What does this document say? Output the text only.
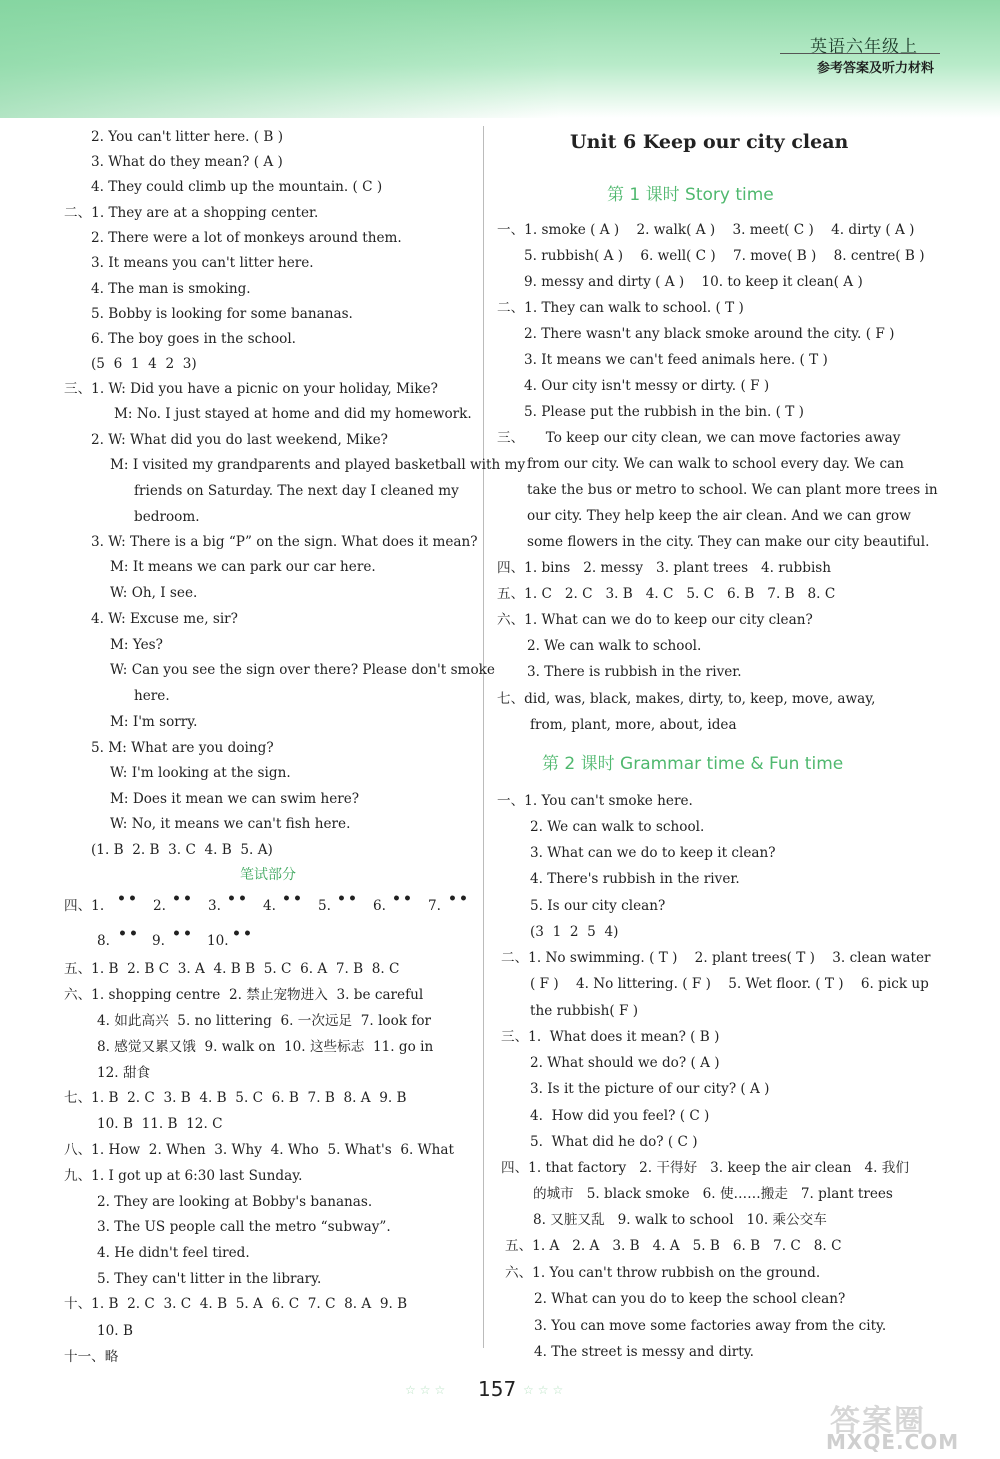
英语六年级上
参考答案及听力材料
2. You can't litter here. ( B )
3. What do they mean? ( A )
4. They could climb up the mountain. ( C )
二、1. They are at a shopping center.
2. There were a lot of monkeys around them.
3. It means you can't litter here.
4. The man is smoking.
5. Bobby is looking for some bananas.
6. The boy goes in the school.
(5  6  1  4  2  3)
三、1. W: Did you have a picnic on your holiday, Mike?
M: No. I just stayed at home and did my homework.
2. W: What did you do last weekend, Mike?
M: I visited my grandparents and played basketball with my
friends on Saturday. The next day I cleaned my
bedroom.
3. W: There is a big “P” on the sign. What does it mean?
M: It means we can park our car here.
W: Oh, I see.
4. W: Excuse me, sir?
M: Yes?
W: Can you see the sign over there? Please don't smoke
here.
M: I'm sorry.
5. M: What are you doing?
W: I'm looking at the sign.
M: Does it mean we can swim here?
W: No, it means we can't fish here.
(1. B  2. B  3. C  4. B  5. A)
笔试部分
四、1. •• 2. •• 3. •• 4. •• 5. •• 6. •• 7. ••
8. •• 9. •• 10. ••
五、1. B  2. B C  3. A  4. B B  5. C  6. A  7. B  8. C
六、1. shopping centre  2. 禁止宠物进入  3. be careful
4. 如此高兴  5. no littering  6. 一次远足  7. look for
8. 感觉又累又饿  9. walk on  10. 这些标志  11. go in
12. 甜食
七、1. B  2. C  3. B  4. B  5. C  6. B  7. B  8. A  9. B
10. B  11. B  12. C
八、1. How  2. When  3. Why  4. Who  5. What's  6. What
九、1. I got up at 6:30 last Sunday.
2. They are looking at Bobby's bananas.
3. The US people call the metro “subway”.
4. He didn't feel tired.
5. They can't litter in the library.
十、1. B  2. C  3. C  4. B  5. A  6. C  7. C  8. A  9. B
10. B
十一、略
Unit 6 Keep our city clean
第 1 课时 Story time
一、1. smoke ( A )    2. walk( A )    3. meet( C )    4. dirty ( A )
5. rubbish( A )    6. well( C )    7. move( B )    8. centre( B )
9. messy and dirty ( A )    10. to keep it clean( A )
二、1. They can walk to school. ( T )
2. There wasn't any black smoke around the city. ( F )
3. It means we can't feed animals here. ( T )
4. Our city isn't messy or dirty. ( F )
5. Please put the rubbish in the bin. ( T )
三、     To keep our city clean, we can move factories away
from our city. We can walk to school every day. We can
take the bus or metro to school. We can plant more trees in
our city. They help keep the air clean. And we can grow
some flowers in the city. They can make our city beautiful.
四、1. bins   2. messy   3. plant trees   4. rubbish
五、1. C   2. C   3. B   4. C   5. C   6. B   7. B   8. C
六、1. What can we do to keep our city clean?
2. We can walk to school.
3. There is rubbish in the river.
七、did, was, black, makes, dirty, to, keep, move, away,
from, plant, more, about, idea
第 2 课时 Grammar time & Fun time
一、1. You can't smoke here.
2. We can walk to school.
3. What can we do to keep it clean?
4. There's rubbish in the river.
5. Is our city clean?
(3  1  2  5  4)
二、1. No swimming. ( T )    2. plant trees( T )    3. clean water
( F )    4. No littering. ( F )    5. Wet floor. ( T )    6. pick up
the rubbish( F )
三、1.  What does it mean? ( B )
2. What should we do? ( A )
3. Is it the picture of our city? ( A )
4.  How did you feel? ( C )
5.  What did he do? ( C )
四、1. that factory   2. 干得好   3. keep the air clean   4. 我们
的城市   5. black smoke   6. 使……搬走   7. plant trees
8. 又脏又乱   9. walk to school   10. 乘公交车
五、1. A   2. A   3. B   4. A   5. B   6. B   7. C   8. C
六、1. You can't throw rubbish on the ground.
2. What can you do to keep the school clean?
3. You can move some factories away from the city.
4. The street is messy and dirty.
☆☆☆ 157 ☆☆☆
答案圈
MXQE.COM
